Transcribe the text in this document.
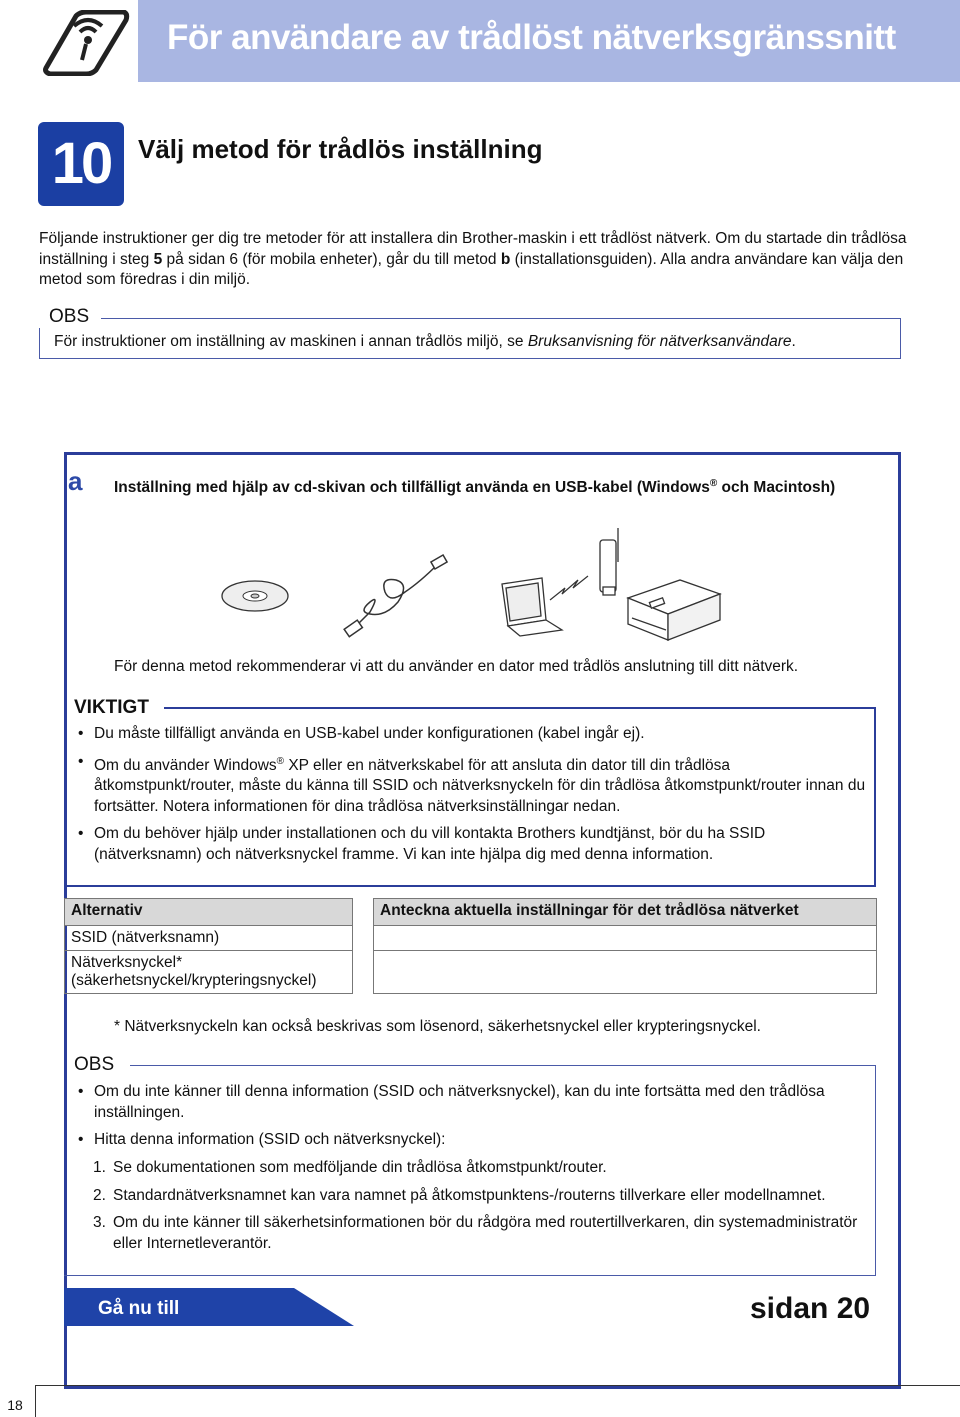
För användare av trådlöst nätverksgränssnitt
10	Välj metod för trådlös inställning
Följande instruktioner ger dig tre metoder för att installera din Brother-maskin i ett trådlöst nätverk. Om du startade din trådlösa inställning i steg 5 på sidan 6 (för mobila enheter), går du till metod b (installationsguiden). Alla andra användare kan välja den metod som föredras i din miljö.
OBS
För instruktioner om inställning av maskinen i annan trådlös miljö, se Bruksanvisning för nätverksanvändare.
a Inställning med hjälp av cd-skivan och tillfälligt använda en USB-kabel (Windows® och Macintosh)
För denna metod rekommenderar vi att du använder en dator med trådlös anslutning till ditt nätverk.
VIKTIGT
• Du måste tillfälligt använda en USB-kabel under konfigurationen (kabel ingår ej).
• Om du använder Windows® XP eller en nätverkskabel för att ansluta din dator till din trådlösa åtkomstpunkt/router, måste du känna till SSID och nätverksnyckeln för din trådlösa åtkomstpunkt/router innan du fortsätter. Notera informationen för dina trådlösa nätverksinställningar nedan.
• Om du behöver hjälp under installationen och du vill kontakta Brothers kundtjänst, bör du ha SSID (nätverksnamn) och nätverksnyckel framme. Vi kan inte hjälpa dig med denna information.
Alternativ		Anteckna aktuella inställningar för det trådlösa nätverket
SSID (nätverksnamn)		
Nätverksnyckel*
(säkerhetsnyckel/krypteringsnyckel)		
* Nätverksnyckeln kan också beskrivas som lösenord, säkerhetsnyckel eller krypteringsnyckel.
OBS
• Om du inte känner till denna information (SSID och nätverksnyckel), kan du inte fortsätta med den trådlösa inställningen.
• Hitta denna information (SSID och nätverksnyckel):
1. Se dokumentationen som medföljande din trådlösa åtkomstpunkt/router.
2. Standardnätverksnamnet kan vara namnet på åtkomstpunktens-/routerns tillverkare eller modellnamnet.
3. Om du inte känner till säkerhetsinformationen bör du rådgöra med routertillverkaren, din systemadministratör eller Internetleverantör.
Gå nu till	sidan 20
18
